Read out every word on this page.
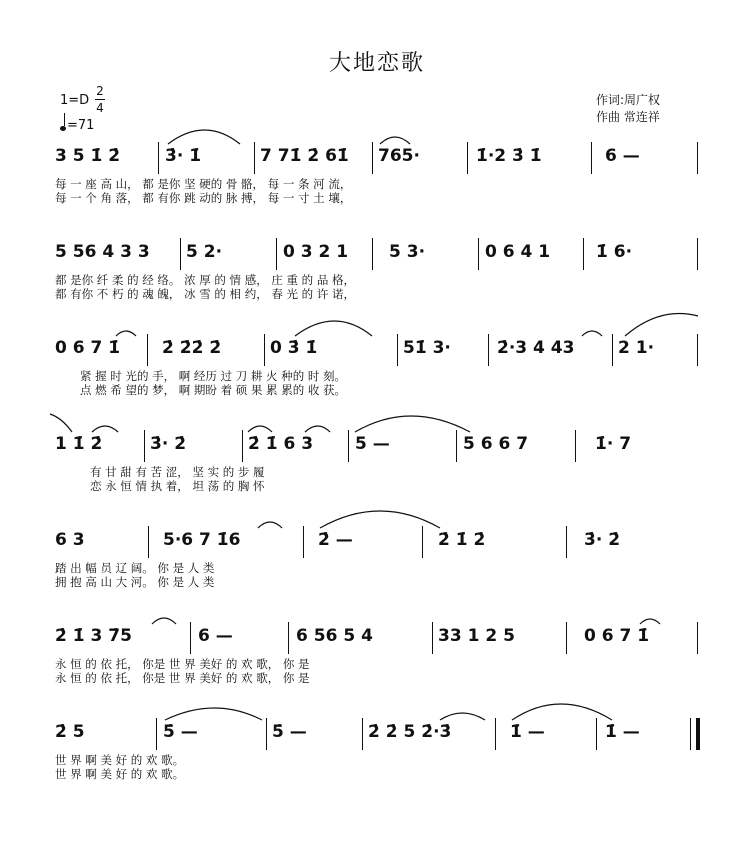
大地恋歌
作词:周广权
作曲 常连祥
1=D
2
4
=71
3 5 1̇ 2̇	3̇· 1̇	7 71̇ 2̇ 61̇ 765·	1̇·2 3̇ 1̇	6 —
每 一 座 高 山， 都 是你 坚 硬的 骨 骼， 每 一 条 河 流，
每 一 个 角 落， 都 有你 跳 动的 脉 搏， 每 一 寸 土 壤，
5 56 4 3 3 5 2·	0 3 2 1 5 3·	0 6 4 1	1̇ 6·
都 是你 纤 柔 的 经 络。 浓 厚 的 情 感， 庄 重 的 品 格，
都 有你 不 朽 的 魂 魄， 冰 雪 的 相 约， 春 光 的 许 诺，
0 6 7 1̇ 2̇ 2̇2̇ 2̇	0 3̇ 1̇	51̇ 3·	2̇·3 4 43	2 1·
紧 握 时 光的 手， 啊 经历 过 刀 耕 火 种的 时 刻。
点 燃 希 望的 梦， 啊 期盼 着 硕 果 累 累的 收 获。
1 1̇ 2̇	3̇· 2̇	2̇ 1̇ 6 3 5 —	5 6 6 7	1̇· 7
有 甘 甜 有 苦 涩， 坚 实 的 步 履
恋 永 恒 情 执 着， 坦 荡 的 胸 怀
6 3	5·6 7 1̇6	2̇ —	2̇ 1̇ 2̇	3̇· 2̇
踏 出 幅 员 辽 阔。 你 是 人 类
拥 抱 高 山 大 河。 你 是 人 类
2̇ 1̇ 3 7̇5	6 —	6 56 5 4	33 1 2 5	0 6 7 1̇
永 恒 的 依 托， 你是 世 界 美好 的 欢 歌， 你 是
永 恒 的 依 托， 你是 世 界 美好 的 欢 歌， 你 是
2̇ 5	5̇ —	5̇ —	2̇ 2̇ 5 2̇·3̇	1̇ —	1̇ —
世 界 啊 美 好 的 欢 歌。
世 界 啊 美 好 的 欢 歌。
